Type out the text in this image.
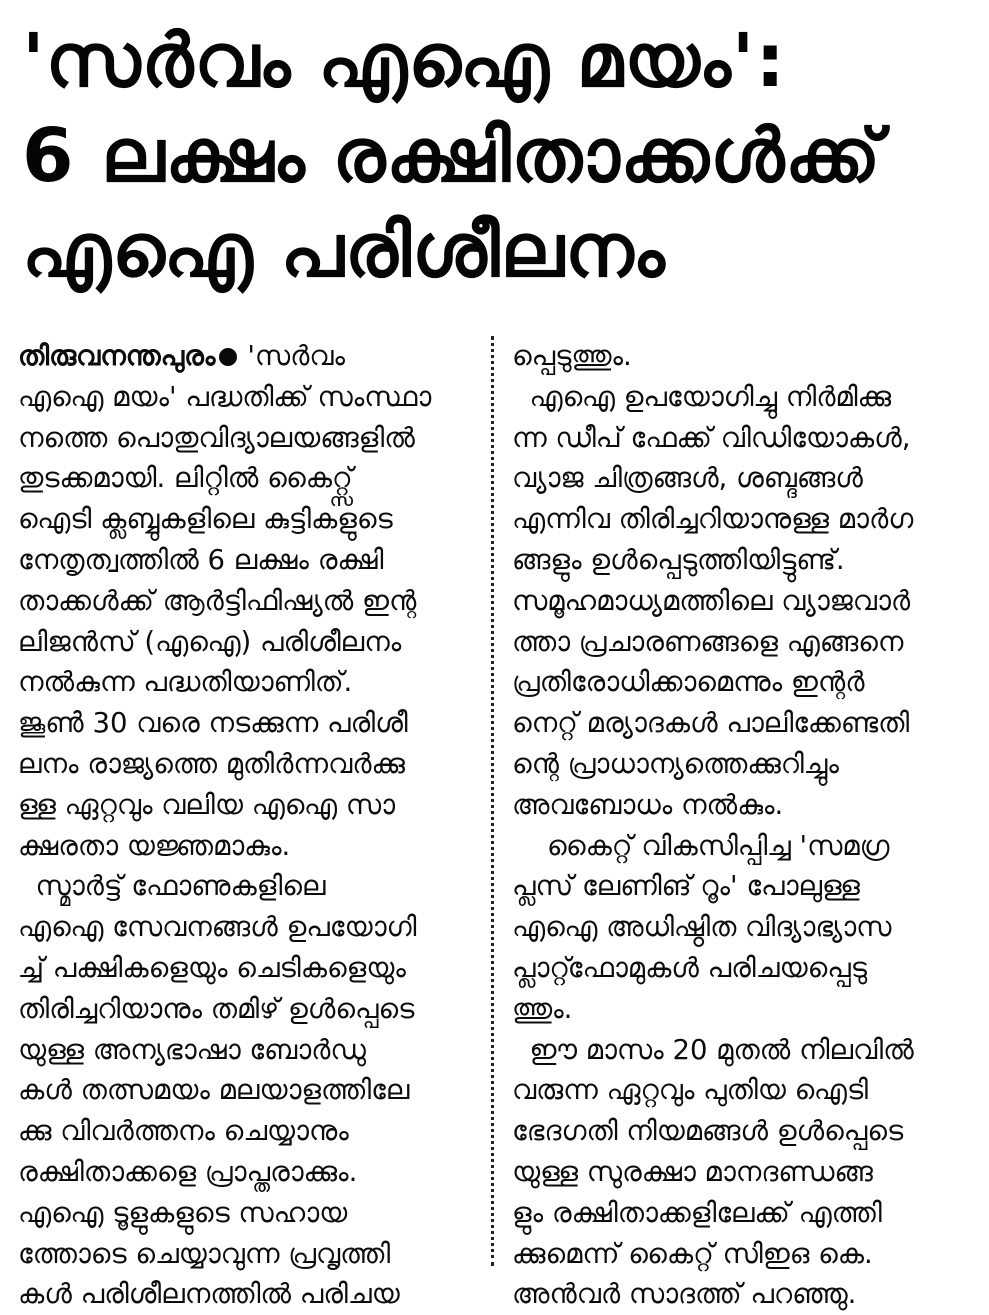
'സർവം എഐ മയം':
6 ലക്ഷം രക്ഷിതാക്കൾക്ക്
എഐ പരിശീലനം
തിരുവനന്തപുരം 'സർവം
എഐ മയം' പദ്ധതിക്ക് സംസ്ഥാ
നത്തെ പൊതുവിദ്യാലയങ്ങളിൽ
തുടക്കമായി. ലിറ്റിൽ കൈറ്റ്സ്
ഐടി ക്ലബ്ബുകളിലെ കുട്ടികളുടെ
നേതൃത്വത്തിൽ 6 ലക്ഷം രക്ഷി
താക്കൾക്ക് ആർട്ടിഫിഷ്യൽ ഇന്റ
ലിജൻസ് (എഐ) പരിശീലനം
നൽകുന്ന പദ്ധതിയാണിത്.
ജൂൺ 30 വരെ നടക്കുന്ന പരിശീ
ലനം രാജ്യത്തെ മുതിർന്നവർക്കു
ള്ള ഏറ്റവും വലിയ എഐ സാ
ക്ഷരതാ യജ്ഞമാകും.
സ്മാർട്ട് ഫോണുകളിലെ
എഐ സേവനങ്ങൾ ഉപയോഗി
ച്ച് പക്ഷികളെയും ചെടികളെയും
തിരിച്ചറിയാനും തമിഴ് ഉൾപ്പെടെ
യുള്ള അന്യഭാഷാ ബോർഡു
കൾ തത്സമയം മലയാളത്തിലേ
ക്കു വിവർത്തനം ചെയ്യാനും
രക്ഷിതാക്കളെ പ്രാപ്തരാക്കും.
എഐ ടൂളുകളുടെ സഹായ
ത്തോടെ ചെയ്യാവുന്ന പ്രവൃത്തി
കൾ പരിശീലനത്തിൽ പരിചയ
പ്പെടുത്തും.
എഐ ഉപയോഗിച്ചു നിർമിക്കു
ന്ന ഡീപ് ഫേക്ക് വിഡിയോകൾ,
വ്യാജ ചിത്രങ്ങൾ, ശബ്ദങ്ങൾ
എന്നിവ തിരിച്ചറിയാനുള്ള മാർഗ
ങ്ങളും ഉൾപ്പെടുത്തിയിട്ടുണ്ട്.
സമൂഹമാധ്യമത്തിലെ വ്യാജവാർ
ത്താ പ്രചാരണങ്ങളെ എങ്ങനെ
പ്രതിരോധിക്കാമെന്നും ഇന്റർ
നെറ്റ് മര്യാദകൾ പാലിക്കേണ്ടതി
ന്റെ പ്രാധാന്യത്തെക്കുറിച്ചും
അവബോധം നൽകും.
കൈറ്റ് വികസിപ്പിച്ച 'സമഗ്ര
പ്ലസ് ലേണിങ് റൂം' പോലുള്ള
എഐ അധിഷ്ഠിത വിദ്യാഭ്യാസ
പ്ലാറ്റ്ഫോമുകൾ പരിചയപ്പെടു
ത്തും.
ഈ മാസം 20 മുതൽ നിലവിൽ
വരുന്ന ഏറ്റവും പുതിയ ഐടി
ഭേദഗതി നിയമങ്ങൾ ഉൾപ്പെടെ
യുള്ള സുരക്ഷാ മാനദണ്ഡങ്ങ
ളും രക്ഷിതാക്കളിലേക്ക് എത്തി
ക്കുമെന്ന് കൈറ്റ് സിഇഒ കെ.
അൻവർ സാദത്ത് പറഞ്ഞു.
